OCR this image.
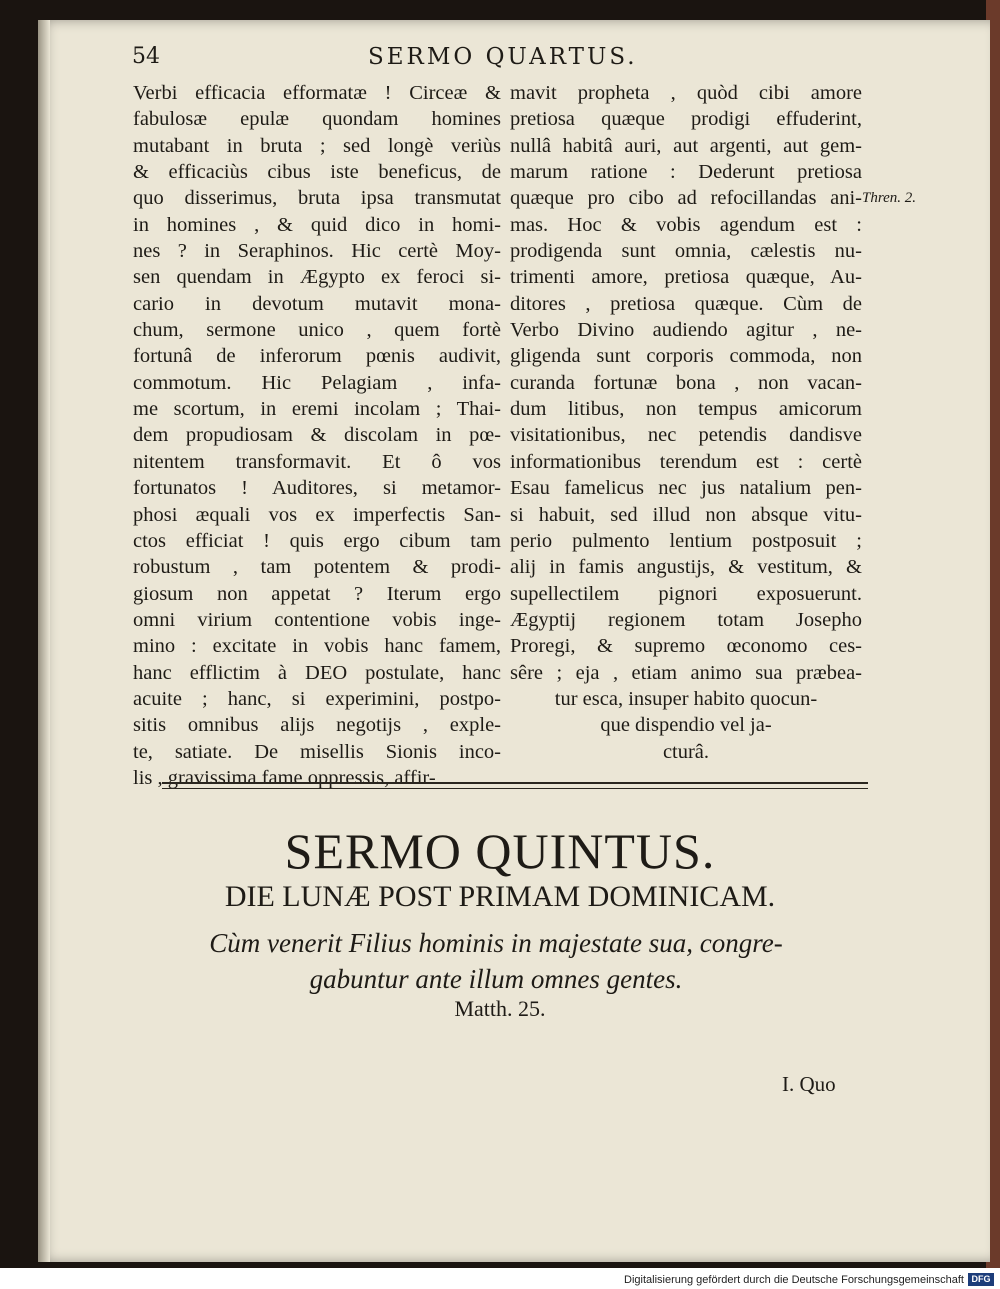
54	SERMO QUARTUS.
Verbi efficacia efformatæ ! Circeæ &
fabulosæ epulæ quondam homines
mutabant in bruta ; sed longè veriùs
& efficaciùs cibus iste beneficus, de
quo disserimus, bruta ipsa transmutat
in homines , & quid dico in homi-
nes ? in Seraphinos. Hic certè Moy-
sen quendam in Ægypto ex feroci si-
cario in devotum mutavit mona-
chum, sermone unico , quem fortè
fortunâ de inferorum pœnis audivit,
commotum. Hic Pelagiam , infa-
me scortum, in eremi incolam ; Thai-
dem propudiosam & discolam in pœ-
nitentem transformavit. Et ô vos
fortunatos ! Auditores, si metamor-
phosi æquali vos ex imperfectis San-
ctos efficiat ! quis ergo cibum tam
robustum , tam potentem & prodi-
giosum non appetat ? Iterum ergo
omni virium contentione vobis inge-
mino : excitate in vobis hanc famem,
hanc efflictim à DEO postulate, hanc
acuite ; hanc, si experimini, postpo-
sitis omnibus alijs negotijs , exple-
te, satiate. De misellis Sionis inco-
lis , gravissima fame oppressis, affir-
mavit propheta , quòd cibi amore
pretiosa quæque prodigi effuderint,
nullâ habitâ auri, aut argenti, aut gem-
marum ratione : Dederunt pretiosa
quæque pro cibo ad refocillandas ani-
mas. Hoc & vobis agendum est :
prodigenda sunt omnia, cælestis nu-
trimenti amore, pretiosa quæque, Au-
ditores , pretiosa quæque. Cùm de
Verbo Divino audiendo agitur , ne-
gligenda sunt corporis commoda, non
curanda fortunæ bona , non vacan-
dum litibus, non tempus amicorum
visitationibus, nec petendis dandisve
informationibus terendum est : certè
Esau famelicus nec jus natalium pen-
si habuit, sed illud non absque vitu-
perio pulmento lentium postposuit ;
alij in famis angustijs, & vestitum, &
supellectilem pignori exposuerunt.
Ægyptij regionem totam Josepho
Proregi, & supremo œconomo ces-
sêre ; eja , etiam animo sua præbea-
tur esca, insuper habito quocun-
que dispendio vel ja-
cturâ.
Thren. 2.
SERMO QUINTUS.
DIE LUNÆ POST PRIMAM DOMINICAM.
Cùm venerit Filius hominis in majestate sua, congre-
gabuntur ante illum omnes gentes.
Matth. 25.
I. Quo
Digitalisierung gefördert durch die Deutsche Forschungsgemeinschaft DFG
